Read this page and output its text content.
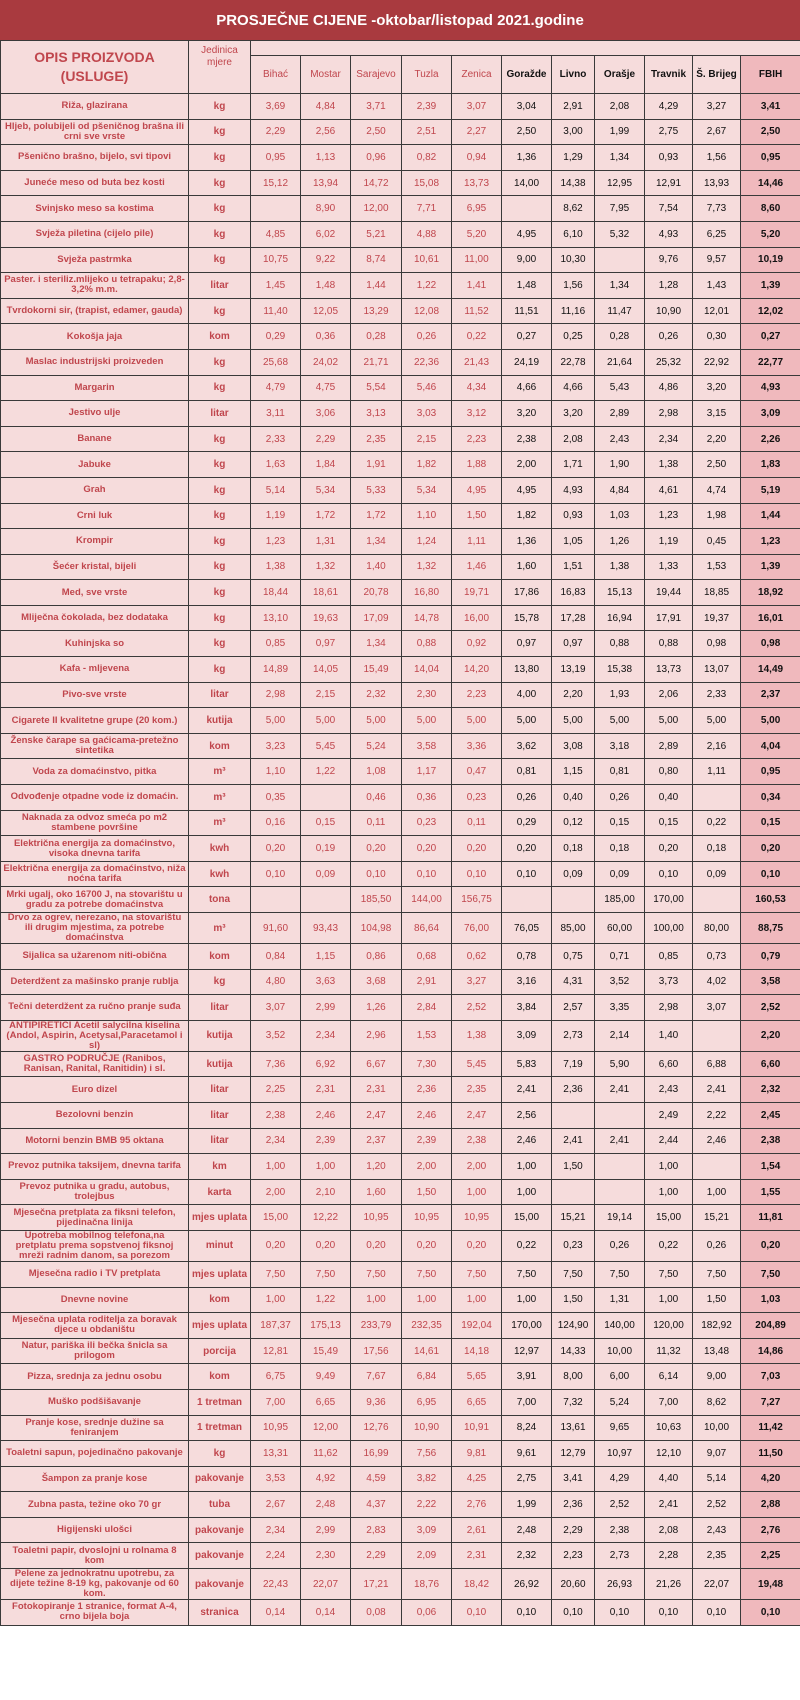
PROSJEČNE CIJENE -oktobar/listopad 2021.godine
OPIS PROIZVODA (USLUGE)	Jedinica mjere											
		Bihać	Mostar	Sarajevo	Tuzla	Zenica	Goražde	Livno	Orašje	Travnik	Š. Brijeg	FBIH
Riža, glazirana	kg	3,69	4,84	3,71	2,39	3,07	3,04	2,91	2,08	4,29	3,27	3,41
Hljeb, polubijeli od pšeničnog brašna ili crni sve vrste	kg	2,29	2,56	2,50	2,51	2,27	2,50	3,00	1,99	2,75	2,67	2,50
Pšenično brašno, bijelo, svi tipovi	kg	0,95	1,13	0,96	0,82	0,94	1,36	1,29	1,34	0,93	1,56	0,95
Juneće meso od buta bez kosti	kg	15,12	13,94	14,72	15,08	13,73	14,00	14,38	12,95	12,91	13,93	14,46
Svinjsko meso sa kostima	kg		8,90	12,00	7,71	6,95		8,62	7,95	7,54	7,73	8,60
Svježa piletina (cijelo pile)	kg	4,85	6,02	5,21	4,88	5,20	4,95	6,10	5,32	4,93	6,25	5,20
Svježa pastrmka	kg	10,75	9,22	8,74	10,61	11,00	9,00	10,30		9,76	9,57	10,19
Paster. i steriliz.mlijeko u tetrapaku; 2,8-3,2% m.m.	litar	1,45	1,48	1,44	1,22	1,41	1,48	1,56	1,34	1,28	1,43	1,39
Tvrdokorni sir, (trapist, edamer, gauda)	kg	11,40	12,05	13,29	12,08	11,52	11,51	11,16	11,47	10,90	12,01	12,02
Kokošja jaja	kom	0,29	0,36	0,28	0,26	0,22	0,27	0,25	0,28	0,26	0,30	0,27
Maslac industrijski proizveden	kg	25,68	24,02	21,71	22,36	21,43	24,19	22,78	21,64	25,32	22,92	22,77
Margarin	kg	4,79	4,75	5,54	5,46	4,34	4,66	4,66	5,43	4,86	3,20	4,93
Jestivo ulje	litar	3,11	3,06	3,13	3,03	3,12	3,20	3,20	2,89	2,98	3,15	3,09
Banane	kg	2,33	2,29	2,35	2,15	2,23	2,38	2,08	2,43	2,34	2,20	2,26
Jabuke	kg	1,63	1,84	1,91	1,82	1,88	2,00	1,71	1,90	1,38	2,50	1,83
Grah	kg	5,14	5,34	5,33	5,34	4,95	4,95	4,93	4,84	4,61	4,74	5,19
Crni luk	kg	1,19	1,72	1,72	1,10	1,50	1,82	0,93	1,03	1,23	1,98	1,44
Krompir	kg	1,23	1,31	1,34	1,24	1,11	1,36	1,05	1,26	1,19	0,45	1,23
Šećer kristal, bijeli	kg	1,38	1,32	1,40	1,32	1,46	1,60	1,51	1,38	1,33	1,53	1,39
Med, sve vrste	kg	18,44	18,61	20,78	16,80	19,71	17,86	16,83	15,13	19,44	18,85	18,92
Mliječna čokolada, bez dodataka	kg	13,10	19,63	17,09	14,78	16,00	15,78	17,28	16,94	17,91	19,37	16,01
Kuhinjska so	kg	0,85	0,97	1,34	0,88	0,92	0,97	0,97	0,88	0,88	0,98	0,98
Kafa - mljevena	kg	14,89	14,05	15,49	14,04	14,20	13,80	13,19	15,38	13,73	13,07	14,49
Pivo-sve vrste	litar	2,98	2,15	2,32	2,30	2,23	4,00	2,20	1,93	2,06	2,33	2,37
Cigarete II kvalitetne grupe (20 kom.)	kutija	5,00	5,00	5,00	5,00	5,00	5,00	5,00	5,00	5,00	5,00	5,00
Ženske čarape sa gaćicama-pretežno sintetika	kom	3,23	5,45	5,24	3,58	3,36	3,62	3,08	3,18	2,89	2,16	4,04
Voda za domaćinstvo, pitka	m³	1,10	1,22	1,08	1,17	0,47	0,81	1,15	0,81	0,80	1,11	0,95
Odvođenje otpadne vode iz domaćin.	m³	0,35		0,46	0,36	0,23	0,26	0,40	0,26	0,40		0,34
Naknada za odvoz smeća po m2 stambene površine	m³	0,16	0,15	0,11	0,23	0,11	0,29	0,12	0,15	0,15	0,22	0,15
Električna energija za domaćinstvo, visoka dnevna tarifa	kwh	0,20	0,19	0,20	0,20	0,20	0,20	0,18	0,18	0,20	0,18	0,20
Električna energija za domaćinstvo, niža noćna tarifa	kwh	0,10	0,09	0,10	0,10	0,10	0,10	0,09	0,09	0,10	0,09	0,10
Mrki ugalj, oko 16700 J, na stovarištu u gradu za potrebe domaćinstva	tona			185,50	144,00	156,75			185,00	170,00		160,53
Drvo za ogrev, nerezano, na stovarištu ili drugim mjestima, za potrebe domaćinstva	m³	91,60	93,43	104,98	86,64	76,00	76,05	85,00	60,00	100,00	80,00	88,75
Sijalica sa užarenom niti-obična	kom	0,84	1,15	0,86	0,68	0,62	0,78	0,75	0,71	0,85	0,73	0,79
Deterdžent za mašinsko pranje rublja	kg	4,80	3,63	3,68	2,91	3,27	3,16	4,31	3,52	3,73	4,02	3,58
Tečni deterdžent za ručno pranje suđa	litar	3,07	2,99	1,26	2,84	2,52	3,84	2,57	3,35	2,98	3,07	2,52
ANTIPIRETICI Acetil salycilna kiselina (Andol, Aspirin, Acetysal,Paracetamol i sl)	kutija	3,52	2,34	2,96	1,53	1,38	3,09	2,73	2,14	1,40		2,20
GASTRO PODRUČJE (Ranibos, Ranisan, Ranital, Ranitidin) i sl.	kutija	7,36	6,92	6,67	7,30	5,45	5,83	7,19	5,90	6,60	6,88	6,60
Euro dizel	litar	2,25	2,31	2,31	2,36	2,35	2,41	2,36	2,41	2,43	2,41	2,32
Bezolovni benzin	litar	2,38	2,46	2,47	2,46	2,47	2,56			2,49	2,22	2,45
Motorni benzin BMB 95 oktana	litar	2,34	2,39	2,37	2,39	2,38	2,46	2,41	2,41	2,44	2,46	2,38
Prevoz putnika taksijem, dnevna tarifa	km	1,00	1,00	1,20	2,00	2,00	1,00	1,50		1,00		1,54
Prevoz putnika u gradu, autobus, trolejbus	karta	2,00	2,10	1,60	1,50	1,00	1,00			1,00	1,00	1,55
Mjesečna pretplata za fiksni telefon, pijedinačna linija	mjes uplata	15,00	12,22	10,95	10,95	10,95	15,00	15,21	19,14	15,00	15,21	11,81
Upotreba mobilnog telefona,na pretplatu prema sopstvenoj fiksnoj mreži radnim danom, sa porezom	minut	0,20	0,20	0,20	0,20	0,20	0,22	0,23	0,26	0,22	0,26	0,20
Mjesečna radio i TV pretplata	mjes uplata	7,50	7,50	7,50	7,50	7,50	7,50	7,50	7,50	7,50	7,50	7,50
Dnevne novine	kom	1,00	1,22	1,00	1,00	1,00	1,00	1,50	1,31	1,00	1,50	1,03
Mjesečna uplata roditelja za boravak djece u obdaništu	mjes uplata	187,37	175,13	233,79	232,35	192,04	170,00	124,90	140,00	120,00	182,92	204,89
Natur, pariška ili bečka šnicla sa prilogom	porcija	12,81	15,49	17,56	14,61	14,18	12,97	14,33	10,00	11,32	13,48	14,86
Pizza, srednja za jednu osobu	kom	6,75	9,49	7,67	6,84	5,65	3,91	8,00	6,00	6,14	9,00	7,03
Muško podšišavanje	1 tretman	7,00	6,65	9,36	6,95	6,65	7,00	7,32	5,24	7,00	8,62	7,27
Pranje kose, srednje dužine sa feniranjem	1 tretman	10,95	12,00	12,76	10,90	10,91	8,24	13,61	9,65	10,63	10,00	11,42
Toaletni sapun, pojedinačno pakovanje	kg	13,31	11,62	16,99	7,56	9,81	9,61	12,79	10,97	12,10	9,07	11,50
Šampon za pranje kose	pakovanje	3,53	4,92	4,59	3,82	4,25	2,75	3,41	4,29	4,40	5,14	4,20
Zubna pasta, težine oko 70 gr	tuba	2,67	2,48	4,37	2,22	2,76	1,99	2,36	2,52	2,41	2,52	2,88
Higijenski ulošci	pakovanje	2,34	2,99	2,83	3,09	2,61	2,48	2,29	2,38	2,08	2,43	2,76
Toaletni papir, dvoslojni u rolnama 8 kom	pakovanje	2,24	2,30	2,29	2,09	2,31	2,32	2,23	2,73	2,28	2,35	2,25
Pelene za jednokratnu upotrebu, za dijete težine 8-19 kg, pakovanje od 60 kom.	pakovanje	22,43	22,07	17,21	18,76	18,42	26,92	20,60	26,93	21,26	22,07	19,48
Fotokopiranje 1 stranice, format A-4, crno bijela boja	stranica	0,14	0,14	0,08	0,06	0,10	0,10	0,10	0,10	0,10	0,10	0,10
